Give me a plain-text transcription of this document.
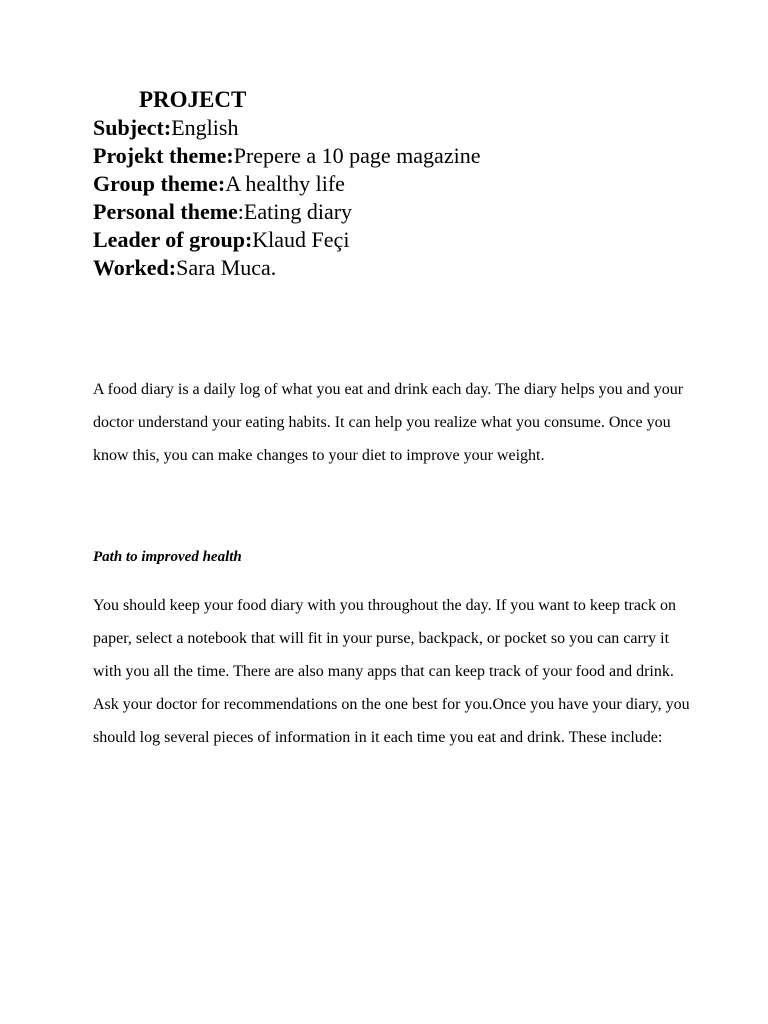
PROJECT
Subject:English
Projekt theme:Prepere a 10 page magazine
Group theme:A healthy life
Personal theme:Eating diary
Leader of group:Klaud Feçi
Worked:Sara Muca.

A food diary is a daily log of what you eat and drink each day. The diary helps you and your doctor understand your eating habits. It can help you realize what you consume. Once you know this, you can make changes to your diet to improve your weight.

Path to improved health

You should keep your food diary with you throughout the day. If you want to keep track on paper, select a notebook that will fit in your purse, backpack, or pocket so you can carry it with you all the time. There are also many apps that can keep track of your food and drink. Ask your doctor for recommendations on the one best for you.Once you have your diary, you should log several pieces of information in it each time you eat and drink. These include:
